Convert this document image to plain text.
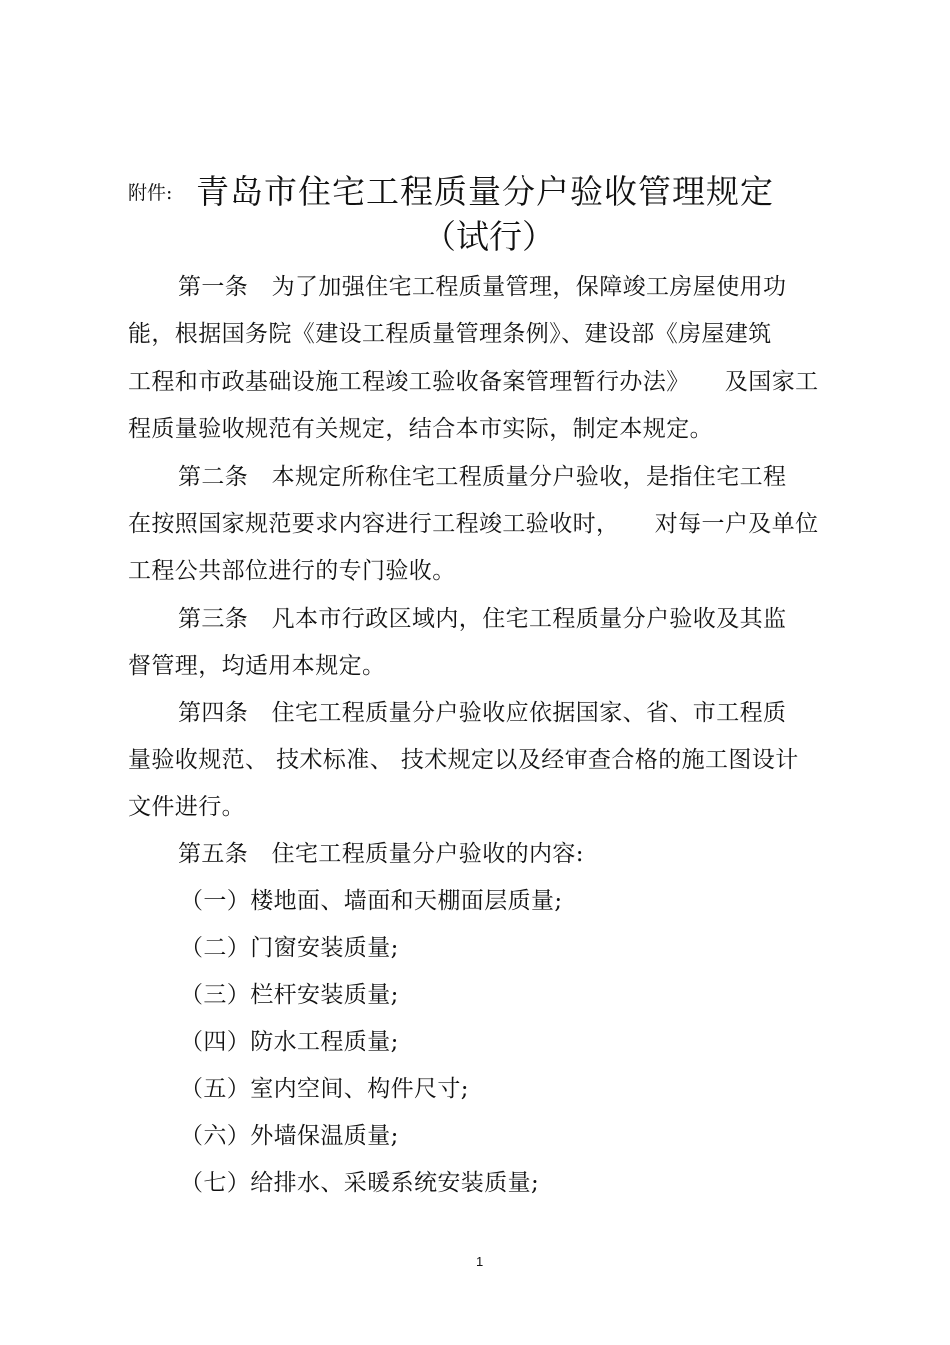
附件: 青岛市住宅工程质量分户验收管理规定
（试行）
第一条　为了加强住宅工程质量管理，保障竣工房屋使用功
能，根据国务院《建设工程质量管理条例》、建设部《房屋建筑
工程和市政基础设施工程竣工验收备案管理暂行办法》　　及国家工
程质量验收规范有关规定，结合本市实际，制定本规定。
第二条　本规定所称住宅工程质量分户验收，是指住宅工程
在按照国家规范要求内容进行工程竣工验收时，　　对每一户及单位
工程公共部位进行的专门验收。
第三条　凡本市行政区域内，住宅工程质量分户验收及其监
督管理，均适用本规定。
第四条　住宅工程质量分户验收应依据国家、省、市工程质
量验收规范、 技术标准、 技术规定以及经审查合格的施工图设计
文件进行。
第五条　住宅工程质量分户验收的内容:
（一）楼地面、墙面和天棚面层质量;
（二）门窗安装质量;
（三）栏杆安装质量;
（四）防水工程质量;
（五）室内空间、构件尺寸;
（六）外墙保温质量;
（七）给排水、采暖系统安装质量;
1
